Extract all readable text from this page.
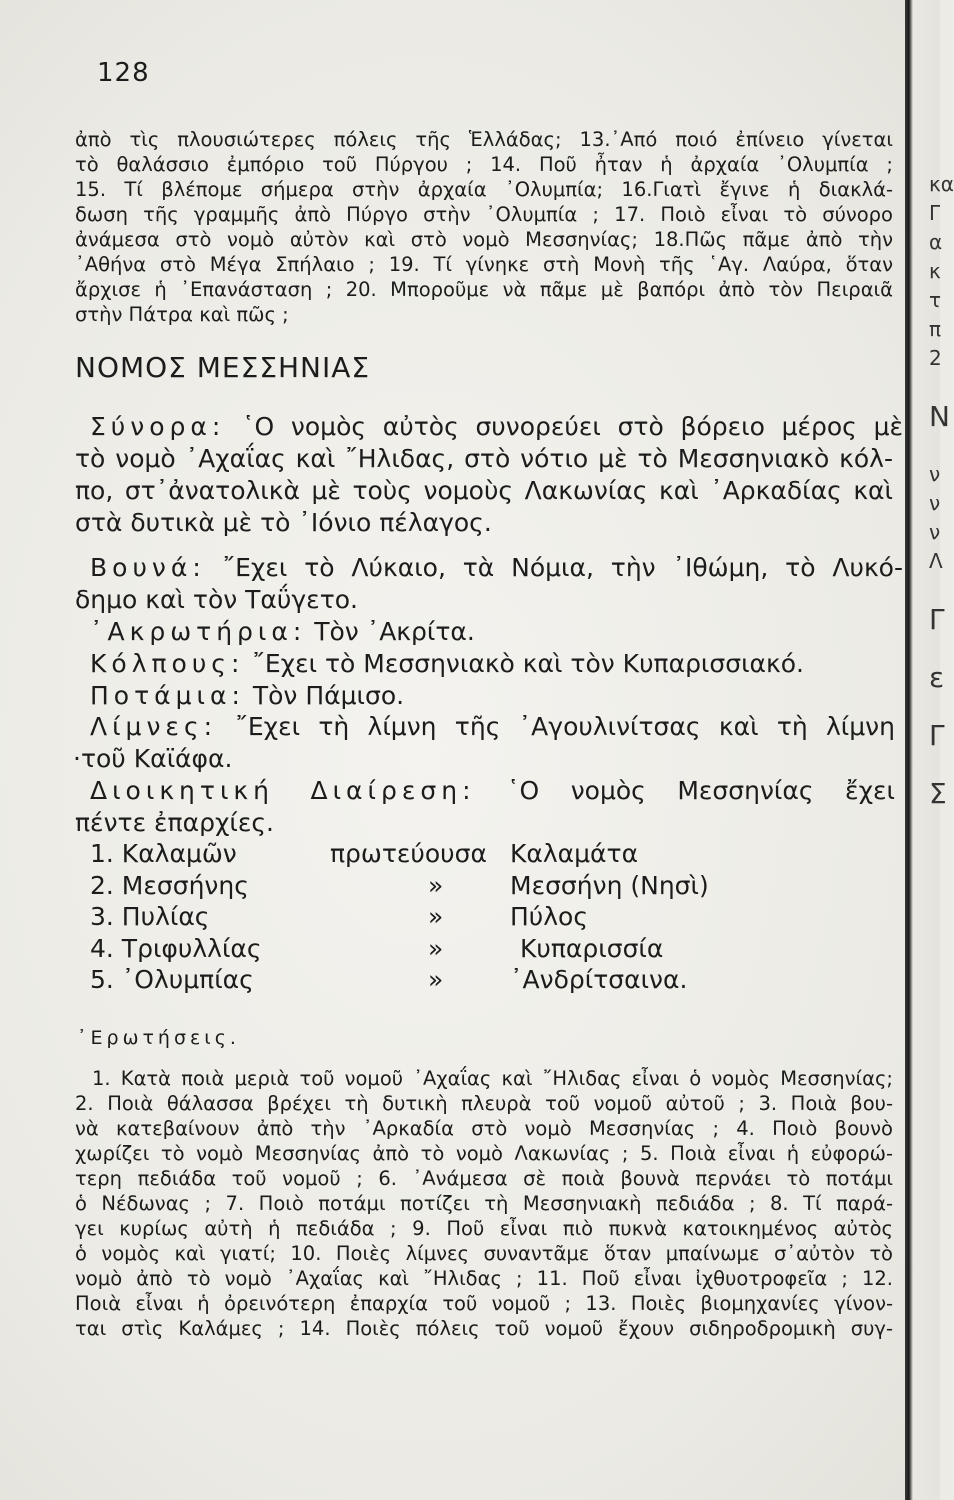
128
ἀπὸ τὶς πλουσιώτερες πόλεις τῆς Ἑλλάδας; 13.᾿Από ποιό ἐπίνειο γίνεται
τὸ θαλάσσιο ἐμπόριο τοῦ Πύργου ; 14. Ποῦ ἦταν ἡ ἀρχαία ᾿Ολυμπία ;
15. Τί βλέπομε σήμερα στὴν ἀρχαία ᾿Ολυμπία; 16.Γιατὶ ἔγινε ἡ διακλά-
δωση τῆς γραμμῆς ἀπὸ Πύργο στὴν ᾿Ολυμπία ; 17. Ποιὸ εἶναι τὸ σύνορο
ἀνάμεσα στὸ νομὸ αὐτὸν καὶ στὸ νομὸ Μεσσηνίας; 18.Πῶς πᾶμε ἀπὸ τὴν
᾿Αθήνα στὸ Μέγα Σπήλαιο ; 19. Τί γίνηκε στὴ Μονὴ τῆς ῾Αγ. Λαύρα, ὅταν
ἄρχισε ἡ ᾿Επανάσταση ; 20. Μποροῦμε νὰ πᾶμε μὲ βαπόρι ἀπὸ τὸν Πειραιᾶ
στὴν Πάτρα καὶ πῶς ;
ΝΟΜΟΣ ΜΕΣΣΗΝΙΑΣ
Σύνορα: ῾Ο νομὸς αὐτὸς συνορεύει στὸ βόρειο μέρος μὲ
τὸ νομὸ ᾿Αχαΐας καὶ ῎Ηλιδας, στὸ νότιο μὲ τὸ Μεσσηνιακὸ κόλ-
πο, στ᾿ἀνατολικὰ μὲ τοὺς νομοὺς Λακωνίας καὶ ᾿Αρκαδίας καὶ
στὰ δυτικὰ μὲ τὸ ᾿Ιόνιο πέλαγος.
Βουνά: ῎Εχει τὸ Λύκαιο, τὰ Νόμια, τὴν ᾿Ιθώμη, τὸ Λυκό-
δημο καὶ τὸν Ταΰγετο.
᾿Ακρωτήρια: Τὸν ᾿Ακρίτα.
Κόλπους: ῎Εχει τὸ Μεσσηνιακὸ καὶ τὸν Κυπαρισσιακό.
Ποτάμια: Τὸν Πάμισο.
Λίμνες: ῎Εχει τὴ λίμνη τῆς ᾿Αγουλινίτσας καὶ τὴ λίμνη
·τοῦ Καϊάφα.
Διοικητική Διαίρεση: ῾Ο νομὸς Μεσσηνίας ἔχει
πέντε ἐπαρχίες.
1. Καλαμῶν	πρωτεύουσα Καλαμάτα
2. Μεσσήνης	»	Μεσσήνη (Νησὶ)
3. Πυλίας	»	Πύλος
4. Τριφυλλίας	»	Κυπαρισσία
5. ᾿Ολυμπίας	»	᾿Ανδρίτσαινα.
᾿Ερωτήσεις.
1. Κατὰ ποιὰ μεριὰ τοῦ νομοῦ ᾿Αχαΐας καὶ ῎Ηλιδας εἶναι ὁ νομὸς Μεσσηνίας;
2. Ποιὰ θάλασσα βρέχει τὴ δυτικὴ πλευρὰ τοῦ νομοῦ αὐτοῦ ; 3. Ποιὰ βου-
νὰ κατεβαίνουν ἀπὸ τὴν ᾿Αρκαδία στὸ νομὸ Μεσσηνίας ; 4. Ποιὸ βουνὸ
χωρίζει τὸ νομὸ Μεσσηνίας ἀπὸ τὸ νομὸ Λακωνίας ; 5. Ποιὰ εἶναι ἡ εὐφορώ-
τερη πεδιάδα τοῦ νομοῦ ; 6. ᾿Ανάμεσα σὲ ποιὰ βουνὰ περνάει τὸ ποτάμι
ὁ Νέδωνας ; 7. Ποιὸ ποτάμι ποτίζει τὴ Μεσσηνιακὴ πεδιάδα ; 8. Τί παρά-
γει κυρίως αὐτὴ ἡ πεδιάδα ; 9. Ποῦ εἶναι πιὸ πυκνὰ κατοικημένος αὐτὸς
ὁ νομὸς καὶ γιατί; 10. Ποιὲς λίμνες συναντᾶμε ὅταν μπαίνωμε σ᾿αὐτὸν τὸ
νομὸ ἀπὸ τὸ νομὸ ᾿Αχαΐας καὶ ῎Ηλιδας ; 11. Ποῦ εἶναι ἰχθυοτροφεῖα ; 12.
Ποιὰ εἶναι ἡ ὀρεινότερη ἐπαρχία τοῦ νομοῦ ; 13. Ποιὲς βιομηχανίες γίνον-
ται στὶς Καλάμες ; 14. Ποιὲς πόλεις τοῦ νομοῦ ἔχουν σιδηροδρομικὴ συγ-
κα
Γ
α
κ
τ
π
2
Ν
ν
ν
ν
Λ
Γ
ε
Γ
Σ
